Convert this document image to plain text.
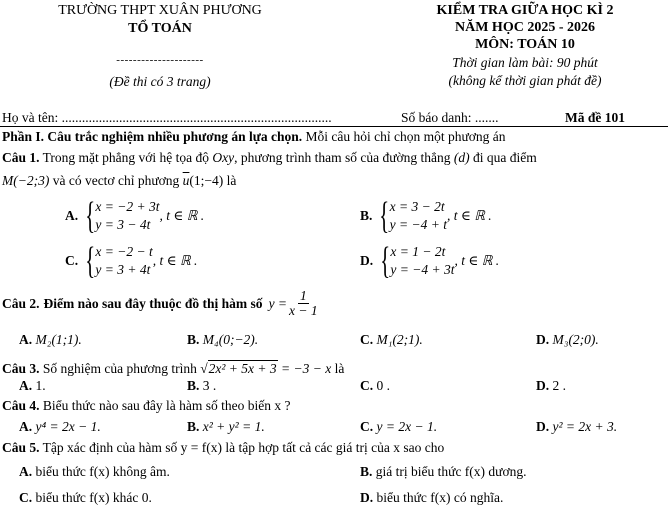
TRƯỜNG THPT XUÂN PHƯƠNG
TỔ TOÁN
---------------------
(Đề thi có 3 trang)
KIỂM TRA GIỮA HỌC KÌ 2
NĂM HỌC 2025 - 2026
MÔN: TOÁN 10
Thời gian làm bài: 90 phút
(không kể thời gian phát đề)
Họ và tên: ................................................................................	Số báo danh: .......	Mã đề 101
Phần I. Câu trắc nghiệm nhiều phương án lựa chọn. Mỗi câu hỏi chỉ chọn một phương án
Câu 1. Trong mặt phẳng với hệ tọa độ Oxy, phương trình tham số của đường thẳng (d) đi qua điểm
M(−2;3) và có vectơ chỉ phương $\overline{u}(1;-4)$ là
A. { x = −2 + 3t
y = 3 − 4t
, t ∈ ℝ .	B. { x = 3 − 2t
y = −4 + t
, t ∈ ℝ .
C. { x = −2 − t
y = 3 + 4t
, t ∈ ℝ .	D. { x = 1 − 2t
y = −4 + 3t
, t ∈ ℝ .
Câu 2. Điểm nào sau đây thuộc đồ thị hàm số $y = \frac{1}{x - 1}$
A. M₂(1;1).	B. M₄(0;−2).	C. M₁(2;1).	D. M₃(2;0).
Câu 3. Số nghiệm của phương trình √2x² + 5x + 3 = −3 − x là
A. 1.	B. 3 .	C. 0 .	D. 2 .
Câu 4. Biểu thức nào sau đây là hàm số theo biến x ?
A. y⁴ = 2x − 1.	B. x² + y² = 1.	C. y = 2x − 1.	D. y² = 2x + 3.
Câu 5. Tập xác định của hàm số y = f(x) là tập hợp tất cả các giá trị của x sao cho
A. biểu thức f(x) không âm.	B. giá trị biểu thức f(x) dương.
C. biểu thức f(x) khác 0.	D. biểu thức f(x) có nghĩa.
